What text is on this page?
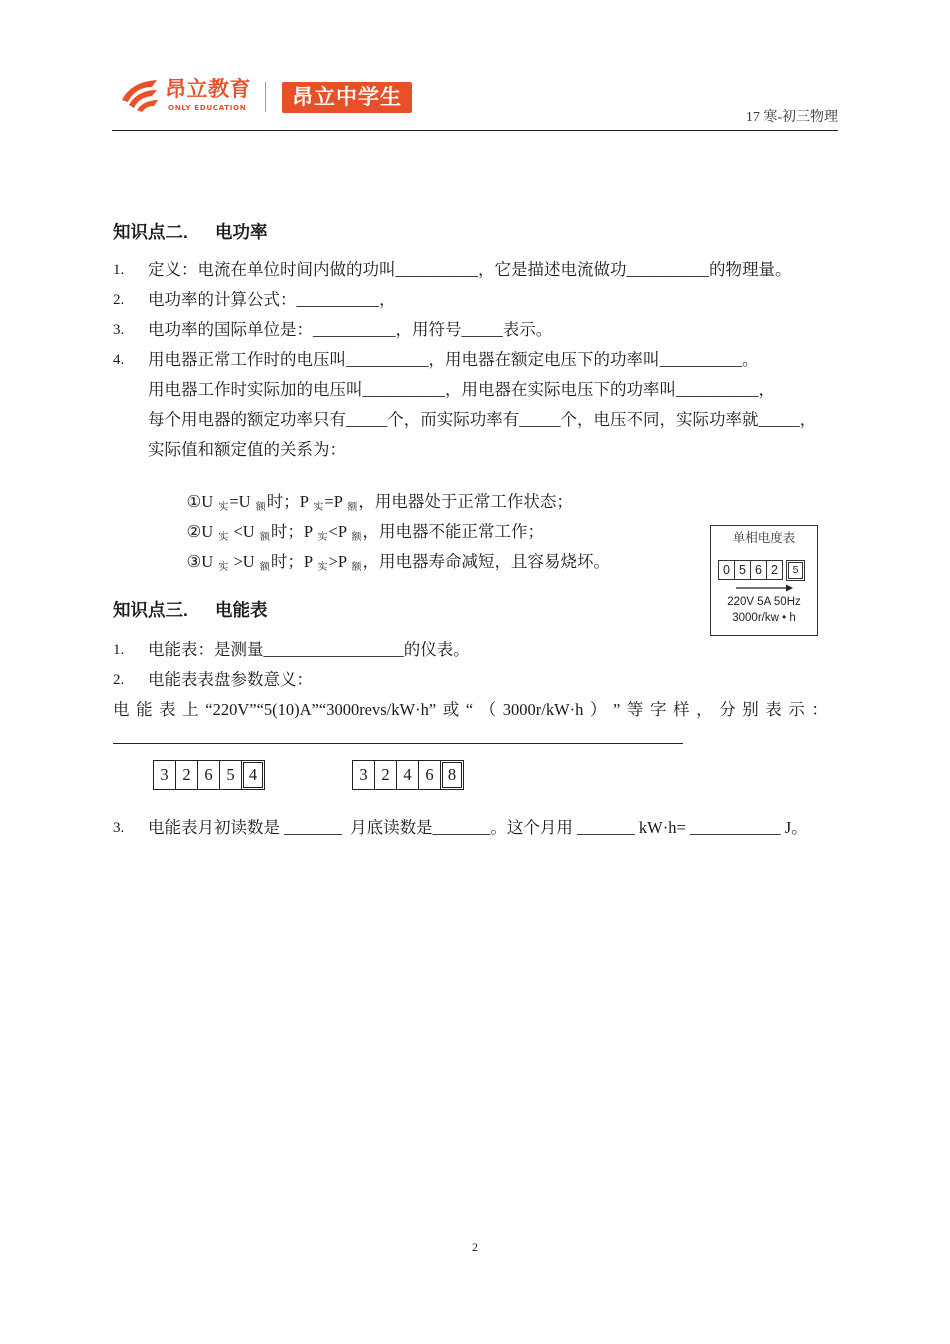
昂立教育
ONLY EDUCATION	昂立中学生
17 寒-初三物理
知识点二. 电功率
1. 定义：电流在单位时间内做的功叫__________，它是描述电流做功__________的物理量。
2. 电功率的计算公式：__________，
3. 电功率的国际单位是：__________，用符号_____表示。
4. 用电器正常工作时的电压叫__________，用电器在额定电压下的功率叫__________。
用电器工作时实际加的电压叫__________，用电器在实际电压下的功率叫__________，
每个用电器的额定功率只有_____个，而实际功率有_____个，电压不同，实际功率就_____，
实际值和额定值的关系为：

①U $_实$=U $_额$时；P $_实$=P $_额$，用电器处于正常工作状态；

②U $_实$ <U $_额$时；P $_实$<P $_额$，用电器不能正常工作；

③U $_实$ >U $_额$时；P $_实$>P $_额$，用电器寿命减短，且容易烧坏。

单相电度表
0 5 6 2	5
220V 5A 50Hz
3000r/kw • h
知识点三. 电能表
1. 电能表：是测量_________________的仪表。
2. 电能表表盘参数意义：
电 能 表 上 “220V”“5(10)A”“3000revs/kW·h” 或 “ （ 3000r/kW·h ） ” 等 字 样 ， 分 别 表 示 ：
3 2 6 5 4	3 2 4 6 8
3. 电能表月初读数是 _______  月底读数是_______。这个月用 _______ kW·h= ___________ J。
2
